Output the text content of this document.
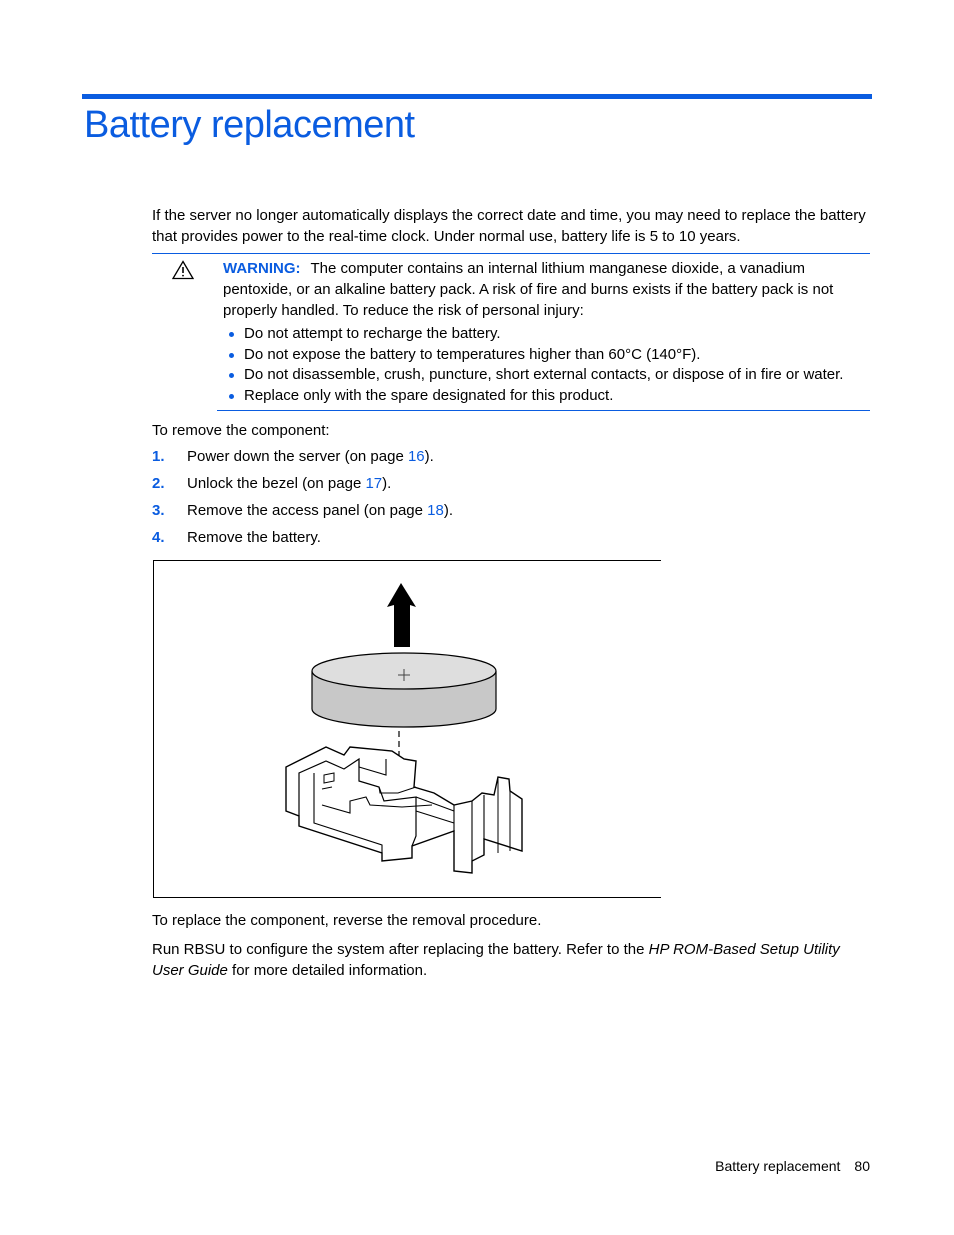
Battery replacement

If the server no longer automatically displays the correct date and time, you may need to replace the battery that provides power to the real-time clock. Under normal use, battery life is 5 to 10 years.

WARNING: The computer contains an internal lithium manganese dioxide, a vanadium pentoxide, or an alkaline battery pack. A risk of fire and burns exists if the battery pack is not properly handled. To reduce the risk of personal injury:

Do not attempt to recharge the battery.
Do not expose the battery to temperatures higher than 60°C (140°F).
Do not disassemble, crush, puncture, short external contacts, or dispose of in fire or water.
Replace only with the spare designated for this product.

To remove the component:

1. Power down the server (on page 16).
2. Unlock the bezel (on page 17).
3. Remove the access panel (on page 18).
4. Remove the battery.

To replace the component, reverse the removal procedure.

Run RBSU to configure the system after replacing the battery. Refer to the HP ROM-Based Setup Utility User Guide for more detailed information.

Battery replacement 80
